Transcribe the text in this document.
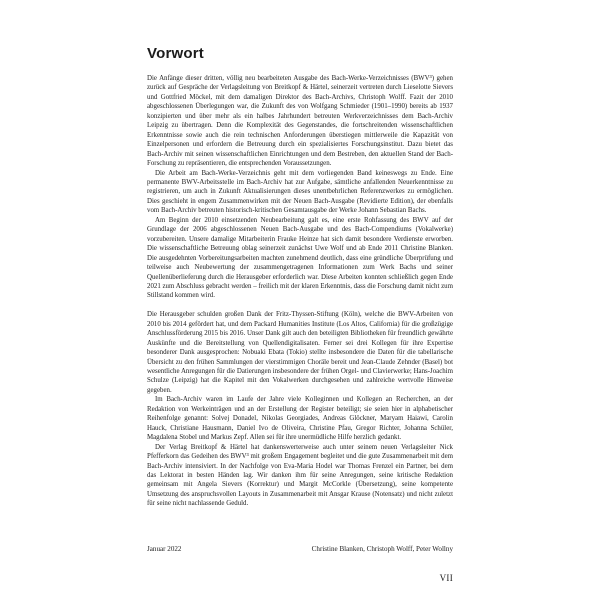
Vorwort

Die Anfänge dieser dritten, völlig neu bearbeiteten Ausgabe des Bach-Werke-Verzeichnisses (BWV³) gehen zurück auf Gespräche der Verlagsleitung von Breitkopf & Härtel, seinerzeit vertreten durch Lieselotte Sievers und Gottfried Möckel, mit dem damaligen Direktor des Bach-Archivs, Christoph Wolff. Fazit der 2010 abgeschlossenen Überlegungen war, die Zukunft des von Wolfgang Schmieder (1901–1990) bereits ab 1937 konzipierten und über mehr als ein halbes Jahrhundert betreuten Werkverzeichnisses dem Bach-Archiv Leipzig zu übertragen. Denn die Komplexität des Gegenstandes, die fortschreitenden wissenschaftlichen Erkenntnisse sowie auch die rein technischen Anforderungen überstiegen mittlerweile die Kapazität von Einzelpersonen und erfordern die Betreuung durch ein spezialisiertes Forschungsinstitut. Dazu bietet das Bach-Archiv mit seinen wissenschaftlichen Einrichtungen und dem Bestreben, den aktuellen Stand der Bach-Forschung zu repräsentieren, die entsprechenden Voraussetzungen.

Die Arbeit am Bach-Werke-Verzeichnis geht mit dem vorliegenden Band keineswegs zu Ende. Eine permanente BWV-Arbeitsstelle im Bach-Archiv hat zur Aufgabe, sämtliche anfallenden Neuerkenntnisse zu registrieren, um auch in Zukunft Aktualisierungen dieses unentbehrlichen Referenzwerkes zu ermöglichen. Dies geschieht in engem Zusammenwirken mit der Neuen Bach-Ausgabe (Revidierte Edition), der ebenfalls vom Bach-Archiv betreuten historisch-kritischen Gesamtausgabe der Werke Johann Sebastian Bachs.

Am Beginn der 2010 einsetzenden Neubearbeitung galt es, eine erste Rohfassung des BWV auf der Grundlage der 2006 abgeschlossenen Neuen Bach-Ausgabe und des Bach-Compendiums (Vokalwerke) vorzubereiten. Unsere damalige Mitarbeiterin Frauke Heinze hat sich damit besondere Verdienste erworben. Die wissenschaftliche Betreuung oblag seinerzeit zunächst Uwe Wolf und ab Ende 2011 Christine Blanken. Die ausgedehnten Vorbereitungsarbeiten machten zunehmend deutlich, dass eine gründliche Überprüfung und teilweise auch Neubewertung der zusammengetragenen Informationen zum Werk Bachs und seiner Quellenüberlieferung durch die Herausgeber erforderlich war. Diese Arbeiten konnten schließlich gegen Ende 2021 zum Abschluss gebracht werden – freilich mit der klaren Erkenntnis, dass die Forschung damit nicht zum Stillstand kommen wird.

Die Herausgeber schulden großen Dank der Fritz-Thyssen-Stiftung (Köln), welche die BWV-Arbeiten von 2010 bis 2014 gefördert hat, und dem Packard Humanities Institute (Los Altos, California) für die großzügige Anschlussförderung 2015 bis 2016. Unser Dank gilt auch den beteiligten Bibliotheken für freundlich gewährte Auskünfte und die Bereitstellung von Quellendigitalisaten. Ferner sei drei Kollegen für ihre Expertise besonderer Dank ausgesprochen: Nobuaki Ebata (Tokio) stellte insbesondere die Daten für die tabellarische Übersicht zu den frühen Sammlungen der vierstimmigen Choräle bereit und Jean-Claude Zehnder (Basel) bot wesentliche Anregungen für die Datierungen insbesondere der frühen Orgel- und Clavierwerke; Hans-Joachim Schulze (Leipzig) hat die Kapitel mit den Vokalwerken durchgesehen und zahlreiche wertvolle Hinweise gegeben.

Im Bach-Archiv waren im Laufe der Jahre viele Kolleginnen und Kollegen an Recherchen, an der Redaktion von Werkeinträgen und an der Erstellung der Register beteiligt; sie seien hier in alphabetischer Reihenfolge genannt: Solvej Donadel, Nikolas Georgiades, Andreas Glöckner, Maryam Haiawi, Carolin Hauck, Christiane Hausmann, Daniel Ivo de Oliveira, Christine Pfau, Gregor Richter, Johanna Schüler, Magdalena Stobel und Markus Zepf. Allen sei für ihre unermüdliche Hilfe herzlich gedankt.

Der Verlag Breitkopf & Härtel hat dankenswerterweise auch unter seinem neuen Verlagsleiter Nick Pfefferkorn das Gedeihen des BWV³ mit großem Engagement begleitet und die gute Zusammenarbeit mit dem Bach-Archiv intensiviert. In der Nachfolge von Eva-Maria Hodel war Thomas Frenzel ein Partner, bei dem das Lektorat in besten Händen lag. Wir danken ihm für seine Anregungen, seine kritische Redaktion gemeinsam mit Angela Sievers (Korrektur) und Margit McCorkle (Übersetzung), seine kompetente Umsetzung des anspruchsvollen Layouts in Zusammenarbeit mit Ansgar Krause (Notensatz) und nicht zuletzt für seine nicht nachlassende Geduld.

Januar 2022	Christine Blanken, Christoph Wolff, Peter Wollny
VII
